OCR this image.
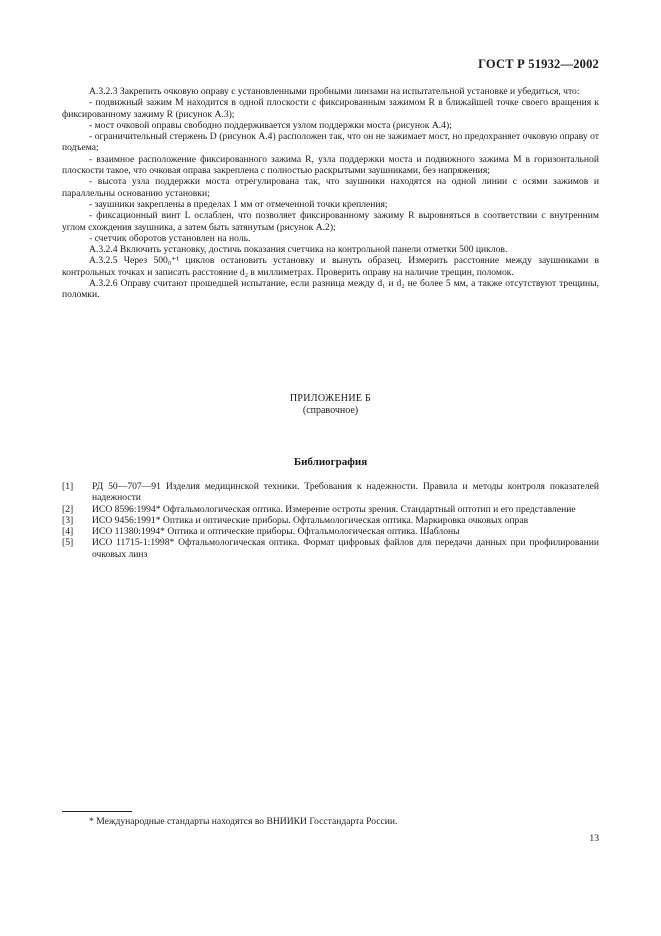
ГОСТ Р 51932—2002

А.3.2.3 Закрепить очковую оправу с установленными пробными линзами на испытательной установке и убедиться, что:

- подвижный зажим M находится в одной плоскости с фиксированным зажимом R в ближайшей точке своего вращения к фиксированному зажиму R (рисунок А.3);

- мост очковой оправы свободно поддерживается узлом поддержки моста (рисунок А.4);

- ограничительный стержень D (рисунок А.4) расположен так, что он не зажимает мост, но предохраняет очковую оправу от подъема;

- взаимное расположение фиксированного зажима R, узла поддержки моста и подвижного зажима M в горизонтальной плоскости такое, что очковая оправа закреплена с полностью раскрытыми заушниками, без напряжения;

- высота узла поддержки моста отрегулирована так, что заушники находятся на одной линии с осями зажимов и параллельны основанию установки;

- заушники закреплены в пределах 1 мм от отмеченной точки крепления;

- фиксационный винт L ослаблен, что позволяет фиксированному зажиму R выровняться в соответствии с внутренним углом схождения заушника, а затем быть затянутым (рисунок А.2);

- счетчик оборотов установлен на ноль.

А.3.2.4 Включить установку, достичь показания счетчика на контрольной панели отметки 500 циклов.

А.3.2.5 Через 500₀⁺¹ циклов остановить установку и вынуть образец. Измерить расстояние между заушниками в контрольных точках и записать расстояние d₂ в миллиметрах. Проверить оправу на наличие трещин, поломок.

А.3.2.6 Оправу считают прошедшей испытание, если разница между d₁ и d₂ не более 5 мм, а также отсутствуют трещины, поломки.

ПРИЛОЖЕНИЕ Б
(справочное)
Библиография
[1]	РД 50—707—91 Изделия медицинской техники. Требования к надежности. Правила и методы контроля показателей надежности
[2]	ИСО 8596:1994* Офтальмологическая оптика. Измерение остроты зрения. Стандартный оптотип и его представление
[3]	ИСО 9456:1991* Оптика и оптические приборы. Офтальмологическая оптика. Маркировка очковых оправ
[4]	ИСО 11380:1994* Оптика и оптические приборы. Офтальмологическая оптика. Шаблоны
[5]	ИСО 11715-1:1998* Офтальмологическая оптика. Формат цифровых файлов для передачи данных при профилировании очковых линз
* Международные стандарты находятся во ВНИИКИ Госстандарта России.
13
